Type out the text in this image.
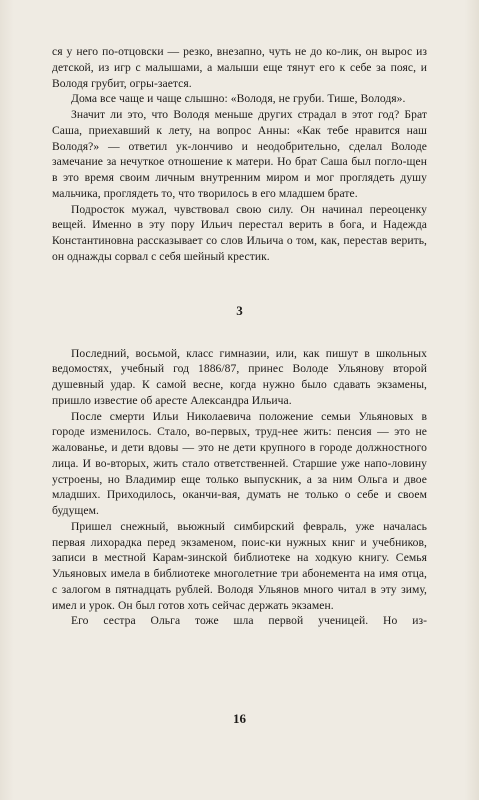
ся у него по-отцовски — резко, внезапно, чуть не до ко-лик, он вырос из детской, из игр с малышами, а малыши еще тянут его к себе за пояс, и Володя грубит, огры-зается.

Дома все чаще и чаще слышно: «Володя, не груби. Тише, Володя».

Значит ли это, что Володя меньше других страдал в этот год? Брат Саша, приехавший к лету, на вопрос Анны: «Как тебе нравится наш Володя?» — ответил ук-лончиво и неодобрительно, сделал Володе замечание за нечуткое отношение к матери. Но брат Саша был погло-щен в это время своим личным внутренним миром и мог проглядеть душу мальчика, проглядеть то, что творилось в его младшем брате.

Подросток мужал, чувствовал свою силу. Он начинал переоценку вещей. Именно в эту пору Ильич перестал верить в бога, и Надежда Константиновна рассказывает со слов Ильича о том, как, перестав верить, он однажды сорвал с себя шейный крестик.

3

Последний, восьмой, класс гимназии, или, как пишут в школьных ведомостях, учебный год 1886/87, принес Володе Ульянову второй душевный удар. К самой весне, когда нужно было сдавать экзамены, пришло известие об аресте Александра Ильича.

После смерти Ильи Николаевича положение семьи Ульяновых в городе изменилось. Стало, во-первых, труд-нее жить: пенсия — это не жалованье, и дети вдовы — это не дети крупного в городе должностного лица. И во-вторых, жить стало ответственней. Старшие уже напо-ловину устроены, но Владимир еще только выпускник, а за ним Ольга и двое младших. Приходилось, оканчи-вая, думать не только о себе и своем будущем.

Пришел снежный, вьюжный симбирский февраль, уже началась первая лихорадка перед экзаменом, поис-ки нужных книг и учебников, записи в местной Карам-зинской библиотеке на ходкую книгу. Семья Ульяновых имела в библиотеке многолетние три абонемента на имя отца, с залогом в пятнадцать рублей. Володя Ульянов много читал в эту зиму, имел и урок. Он был готов хоть сейчас держать экзамен.

Его сестра Ольга тоже шла первой ученицей. Но из-

16
